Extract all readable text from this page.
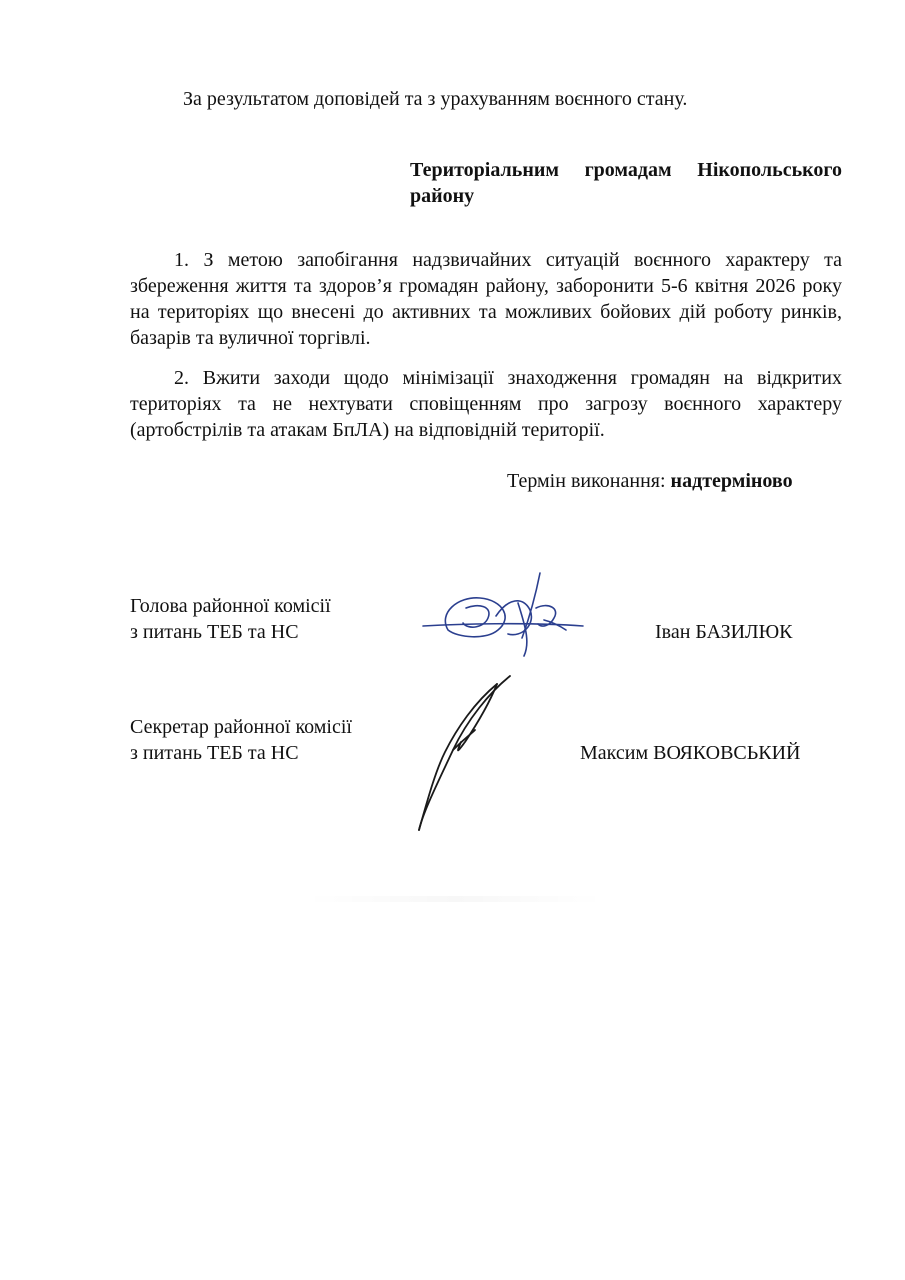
За результатом доповідей та з урахуванням воєнного стану.
Територіальним громадам Нікопольського району
1. З метою запобігання надзвичайних ситуацій воєнного характеру та збереження життя та здоров’я громадян району, заборонити 5-6 квітня 2026 року на територіях що внесені до активних та можливих бойових дій роботу ринків, базарів та вуличної торгівлі.
2. Вжити заходи щодо мінімізації знаходження громадян на відкритих територіях та не нехтувати сповіщенням про загрозу воєнного характеру (артобстрілів та атакам БпЛА) на відповідній території.
Термін виконання: надтерміново
Голова районної комісії
з питань ТЕБ та НС	Іван БАЗИЛЮК
Секретар районної комісії
з питань ТЕБ та НС	Максим ВОЯКОВСЬКИЙ
